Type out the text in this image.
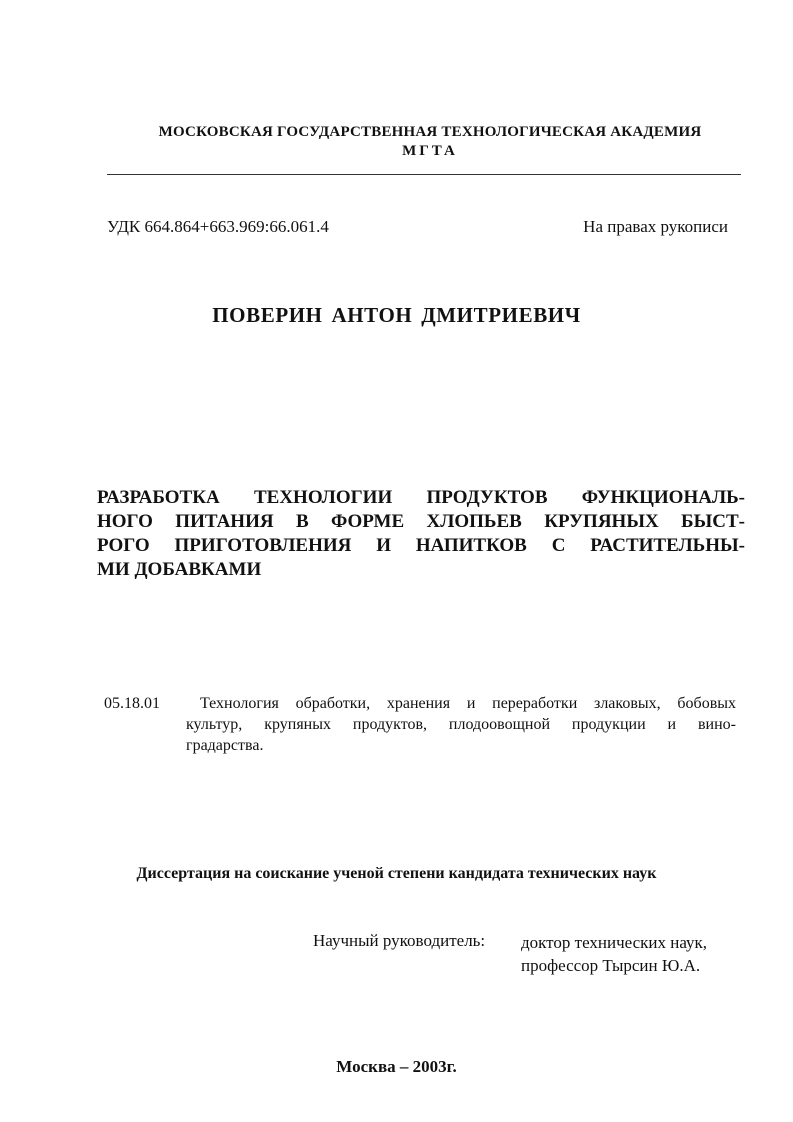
МОСКОВСКАЯ ГОСУДАРСТВЕННАЯ ТЕХНОЛОГИЧЕСКАЯ АКАДЕМИЯ
МГТА
УДК 664.864+663.969:66.061.4	На правах рукописи
ПОВЕРИН АНТОН ДМИТРИЕВИЧ
РАЗРАБОТКА ТЕХНОЛОГИИ ПРОДУКТОВ ФУНКЦИОНАЛЬ-
НОГО ПИТАНИЯ В ФОРМЕ ХЛОПЬЕВ КРУПЯНЫХ БЫСТ-
РОГО ПРИГОТОВЛЕНИЯ И НАПИТКОВ С РАСТИТЕЛЬНЫ-
МИ ДОБАВКАМИ
05.18.01	Технология обработки, хранения и переработки злаковых, бобовых
культур, крупяных продуктов, плодоовощной продукции и вино-
градарства.
Диссертация на соискание ученой степени кандидата технических наук
Научный руководитель: доктор технических наук,
профессор Тырсин Ю.А.
Москва – 2003г.
